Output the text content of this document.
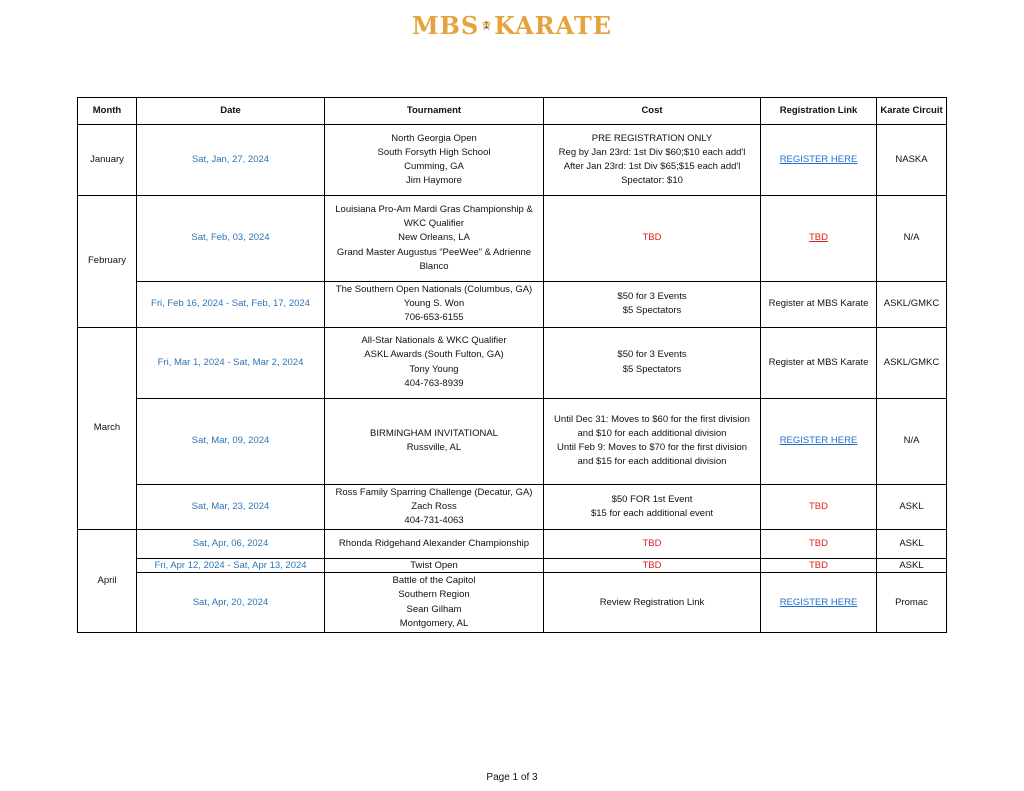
MBS KARATE
Month	Date	Tournament	Cost	Registration Link	Karate Circuit
January	Sat, Jan, 27, 2024	North Georgia Open
South Forsyth High School
Cumming, GA
Jim Haymore	PRE REGISTRATION ONLY
Reg by Jan 23rd: 1st Div $60;$10 each add'l
After Jan 23rd: 1st Div $65;$15 each add'l
Spectator: $10	REGISTER HERE	NASKA
February	Sat, Feb, 03, 2024	Louisiana Pro-Am Mardi Gras Championship &
WKC Qualifier
New Orleans, LA
Grand Master Augustus “PeeWee” & Adrienne
Blanco	TBD	TBD	N/A
	Fri, Feb 16, 2024 - Sat, Feb, 17, 2024	The Southern Open Nationals (Columbus, GA)
Young S. Won
706-653-6155	$50 for 3 Events
$5 Spectators	Register at MBS Karate	ASKL/GMKC
March	Fri, Mar 1, 2024 - Sat, Mar 2, 2024	All-Star Nationals & WKC Qualifier
ASKL Awards (South Fulton, GA)
Tony Young
404-763-8939	$50 for 3 Events
$5 Spectators	Register at MBS Karate	ASKL/GMKC
	Sat, Mar, 09, 2024	BIRMINGHAM INVITATIONAL
Russville, AL	Until Dec 31: Moves to $60 for the first division
and $10 for each additional division
Until Feb 9: Moves to $70 for the first division
and $15 for each additional division	REGISTER HERE	N/A
	Sat, Mar, 23, 2024	Ross Family Sparring Challenge (Decatur, GA)
Zach Ross
404-731-4063	$50 FOR 1st Event
$15 for each additional event	TBD	ASKL
April	Sat, Apr, 06, 2024	Rhonda Ridgehand Alexander Championship	TBD	TBD	ASKL
	Fri, Apr 12, 2024 - Sat, Apr 13, 2024	Twist Open	TBD	TBD	ASKL
	Sat, Apr, 20, 2024	Battle of the Capitol
Southern Region
Sean Gilham
Montgomery, AL	Review Registration Link	REGISTER HERE	Promac
Page 1 of 3
